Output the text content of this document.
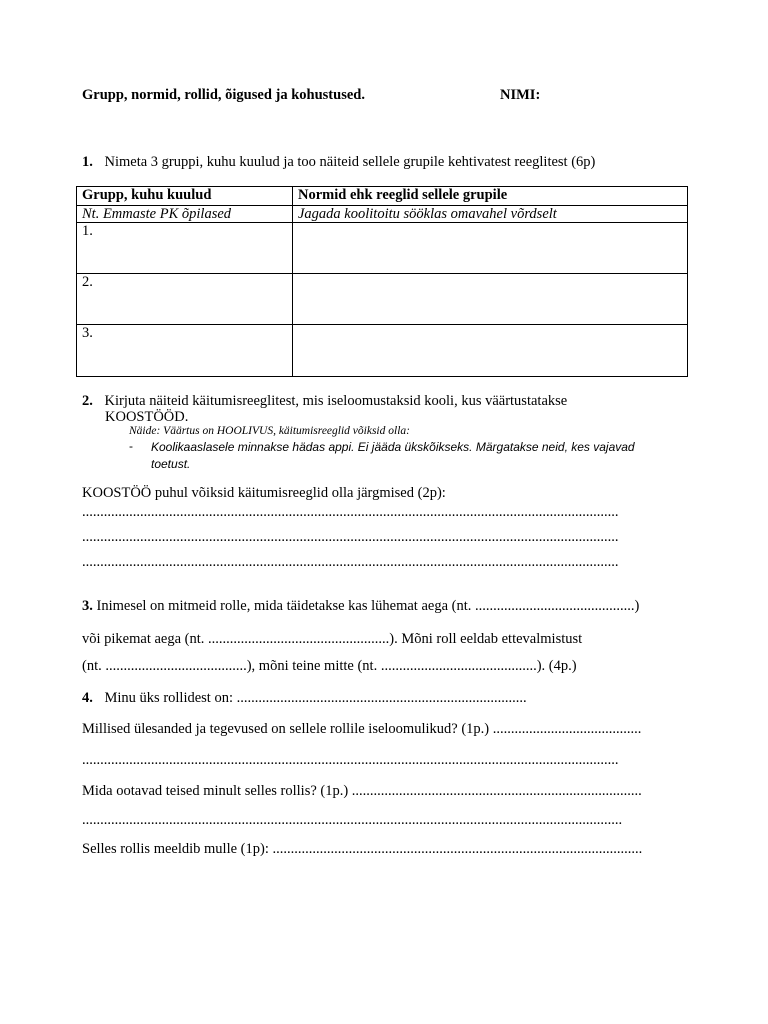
Grupp, normid, rollid, õigused ja kohustused.	NIMI:
1. Nimeta 3 gruppi, kuhu kuulud ja too näiteid sellele grupile kehtivatest reeglitest (6p)
Grupp, kuhu kuulud	Normid ehk reeglid sellele grupile
Nt. Emmaste PK õpilased	Jagada koolitoitu sööklas omavahel võrdselt
1.	
2.	
3.	
2. Kirjuta näiteid käitumisreeglitest, mis iseloomustaksid kooli, kus väärtustatakse
KOOSTÖÖD.
Näide: Väärtus on HOOLIVUS, käitumisreeglid võiksid olla:
- Koolikaaslasele minnakse hädas appi. Ei jääda ükskõikseks. Märgatakse neid, kes vajavad
toetust.
KOOSTÖÖ puhul võiksid käitumisreeglid olla järgmised (2p):
....................................................................................................................................................
....................................................................................................................................................
....................................................................................................................................................
3. Inimesel on mitmeid rolle, mida täidetakse kas lühemat aega (nt. ............................................)
või pikemat aega (nt. ..................................................). Mõni roll eeldab ettevalmistust
(nt. .......................................), mõni teine mitte (nt. ...........................................). (4p.)
4. Minu üks rollidest on: ................................................................................
Millised ülesanded ja tegevused on sellele rollile iseloomulikud? (1p.) .........................................
....................................................................................................................................................
Mida ootavad teised minult selles rollis? (1p.) ................................................................................
.....................................................................................................................................................
Selles rollis meeldib mulle (1p): ......................................................................................................
